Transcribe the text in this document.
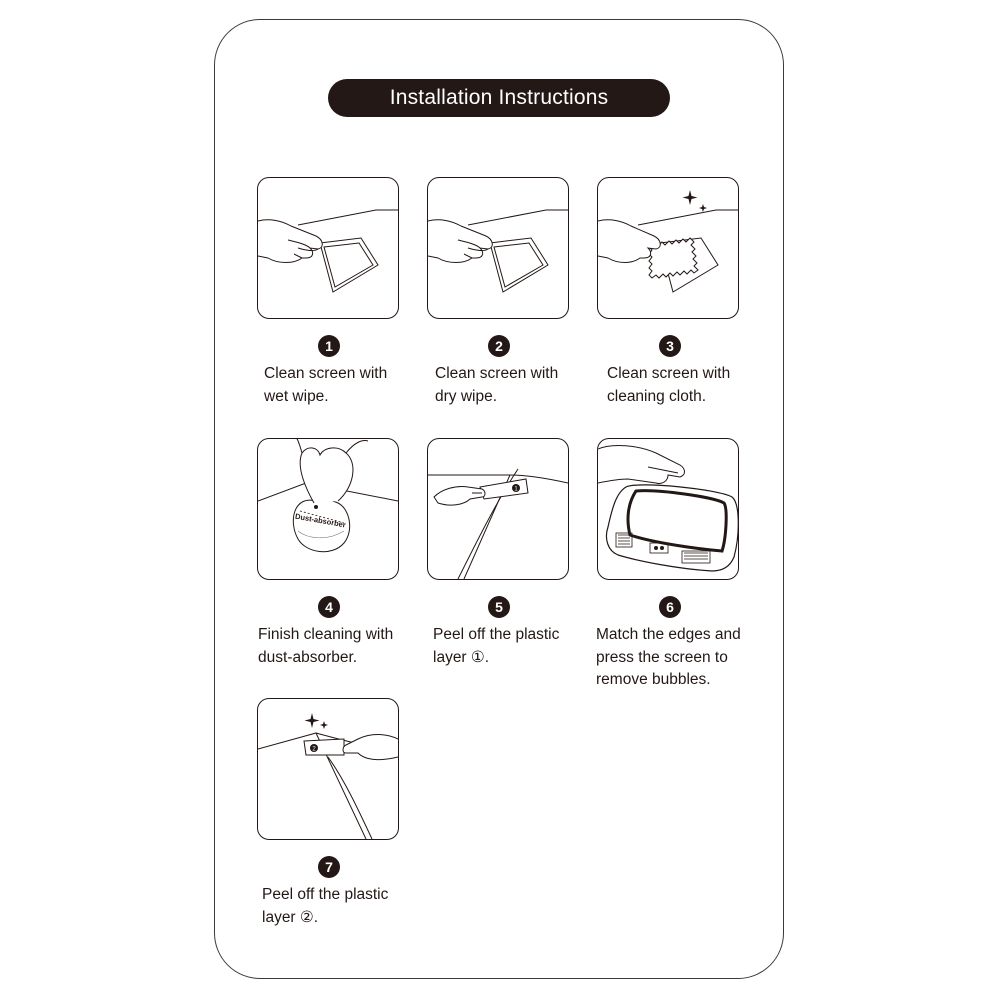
Installation Instructions
1
Clean screen with
wet wipe.
2
Clean screen with
dry wipe.
3
Clean screen with
cleaning cloth.
Dust-absorber
4
Finish cleaning with
dust-absorber.
1
5
Peel off the plastic
layer ①.
6
Match the edges and
press the screen to
remove bubbles.
2
7
Peel off the plastic
layer ②.
